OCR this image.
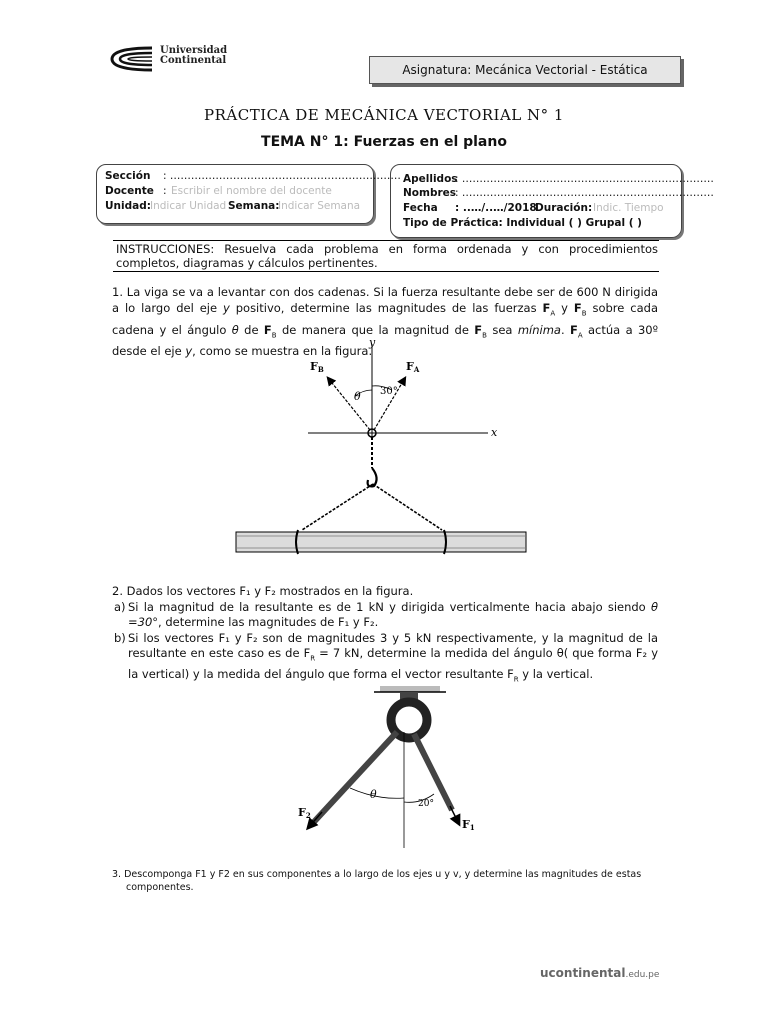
Universidad
Continental
Asignatura: Mecánica Vectorial - Estática
PRÁCTICA DE MECÁNICA VECTORIAL N° 1
TEMA N° 1: Fuerzas en el plano
Sección : …………………………………………………………
Docente : Escribir el nombre del docente
Unidad: Indicar Unidad Semana:
Indicar Semana
Apellidos
: ………………………………………………………………
Nombres
: ………………………………………………………………
Fecha : ..…/..…/2018
Duración: Indic. Tiempo
Tipo de Práctica: Individual ( ) Grupal ( )
INSTRUCCIONES: Resuelva cada problema en forma ordenada y con procedimientos completos, diagramas y cálculos pertinentes.
1. La viga se va a levantar con dos cadenas. Si la fuerza resultante debe ser de 600 N dirigida a lo largo del eje y positivo, determine las magnitudes de las fuerzas $F_A$ y $F_B$ sobre cada cadena y el ángulo θ de $F_B$ de manera que la magnitud de $F_B$ sea mínima. $F_A$ actúa a 30º desde el eje y, como se muestra en la figura.
y
x
FB	FA
θ 30°
2. Dados los vectores F₁ y F₂ mostrados en la figura.
a) Si la magnitud de la resultante es de 1 kN y dirigida verticalmente hacia abajo siendo θ =30°, determine las magnitudes de F₁ y F₂.
b) Si los vectores F₁ y F₂ son de magnitudes 3 y 5 kN respectivamente, y la magnitud de la resultante en este caso es de $F_R = 7$ kN, determine la medida del ángulo θ( que forma F₂ y la vertical) y la medida del ángulo que forma el vector resultante $F_R$ y la vertical.
F2
F1
θ
20°
3. Descomponga F1 y F2 en sus componentes a lo largo de los ejes u y v, y determine las magnitudes de estas componentes.
ucontinental.edu.pe
